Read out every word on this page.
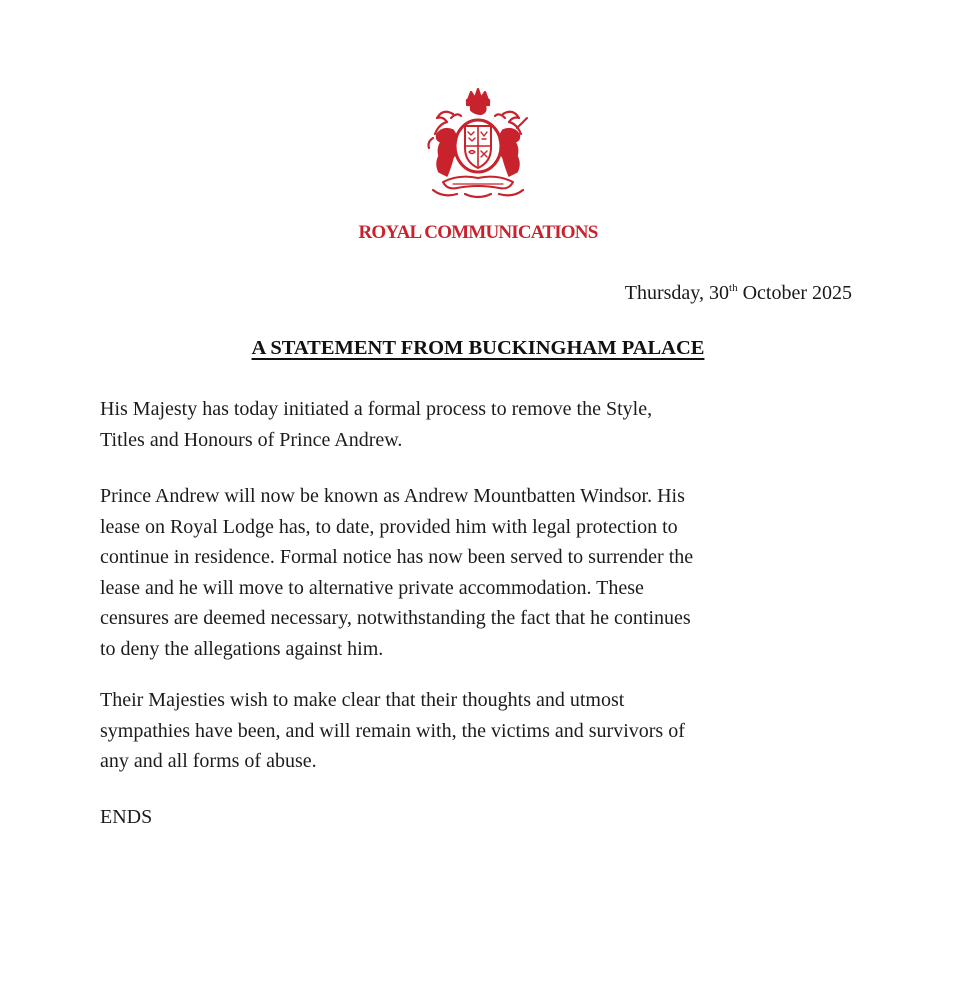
ROYAL COMMUNICATIONS
Thursday, 30th October 2025
A STATEMENT FROM BUCKINGHAM PALACE

His Majesty has today initiated a formal process to remove the Style,
Titles and Honours of Prince Andrew.

Prince Andrew will now be known as Andrew Mountbatten Windsor. His
lease on Royal Lodge has, to date, provided him with legal protection to
continue in residence. Formal notice has now been served to surrender the
lease and he will move to alternative private accommodation. These
censures are deemed necessary, notwithstanding the fact that he continues
to deny the allegations against him.

Their Majesties wish to make clear that their thoughts and utmost
sympathies have been, and will remain with, the victims and survivors of
any and all forms of abuse.

ENDS
